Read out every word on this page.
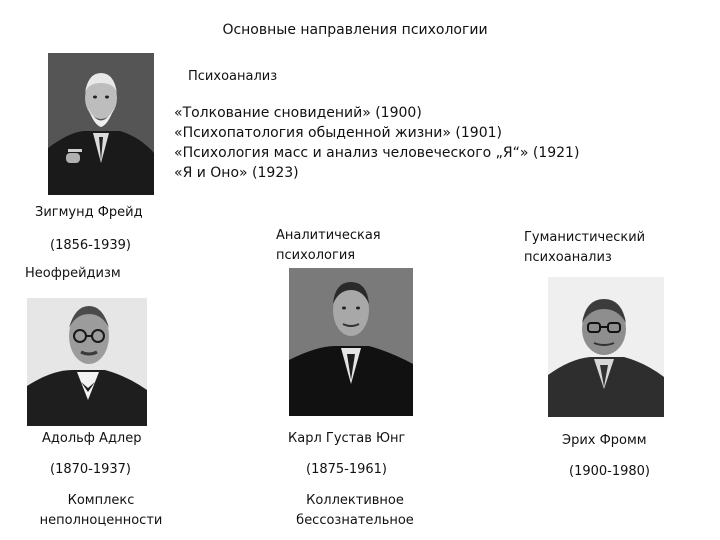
Основные направления психологии
Психоанализ
«Толкование сновидений» (1900)
«Психопатология обыденной жизни» (1901)
«Психология масс и анализ человеческого „Я“» (1921)
«Я и Оно» (1923)
Зигмунд Фрейд
(1856-1939)
Неофрейдизм
Адольф Адлер
(1870-1937)
Комплекс
неполноценности
Аналитическая
психология
Карл Густав Юнг
(1875-1961)
Коллективное
бессознательное
Гуманистический
психоанализ
Эрих Фромм
(1900-1980)
